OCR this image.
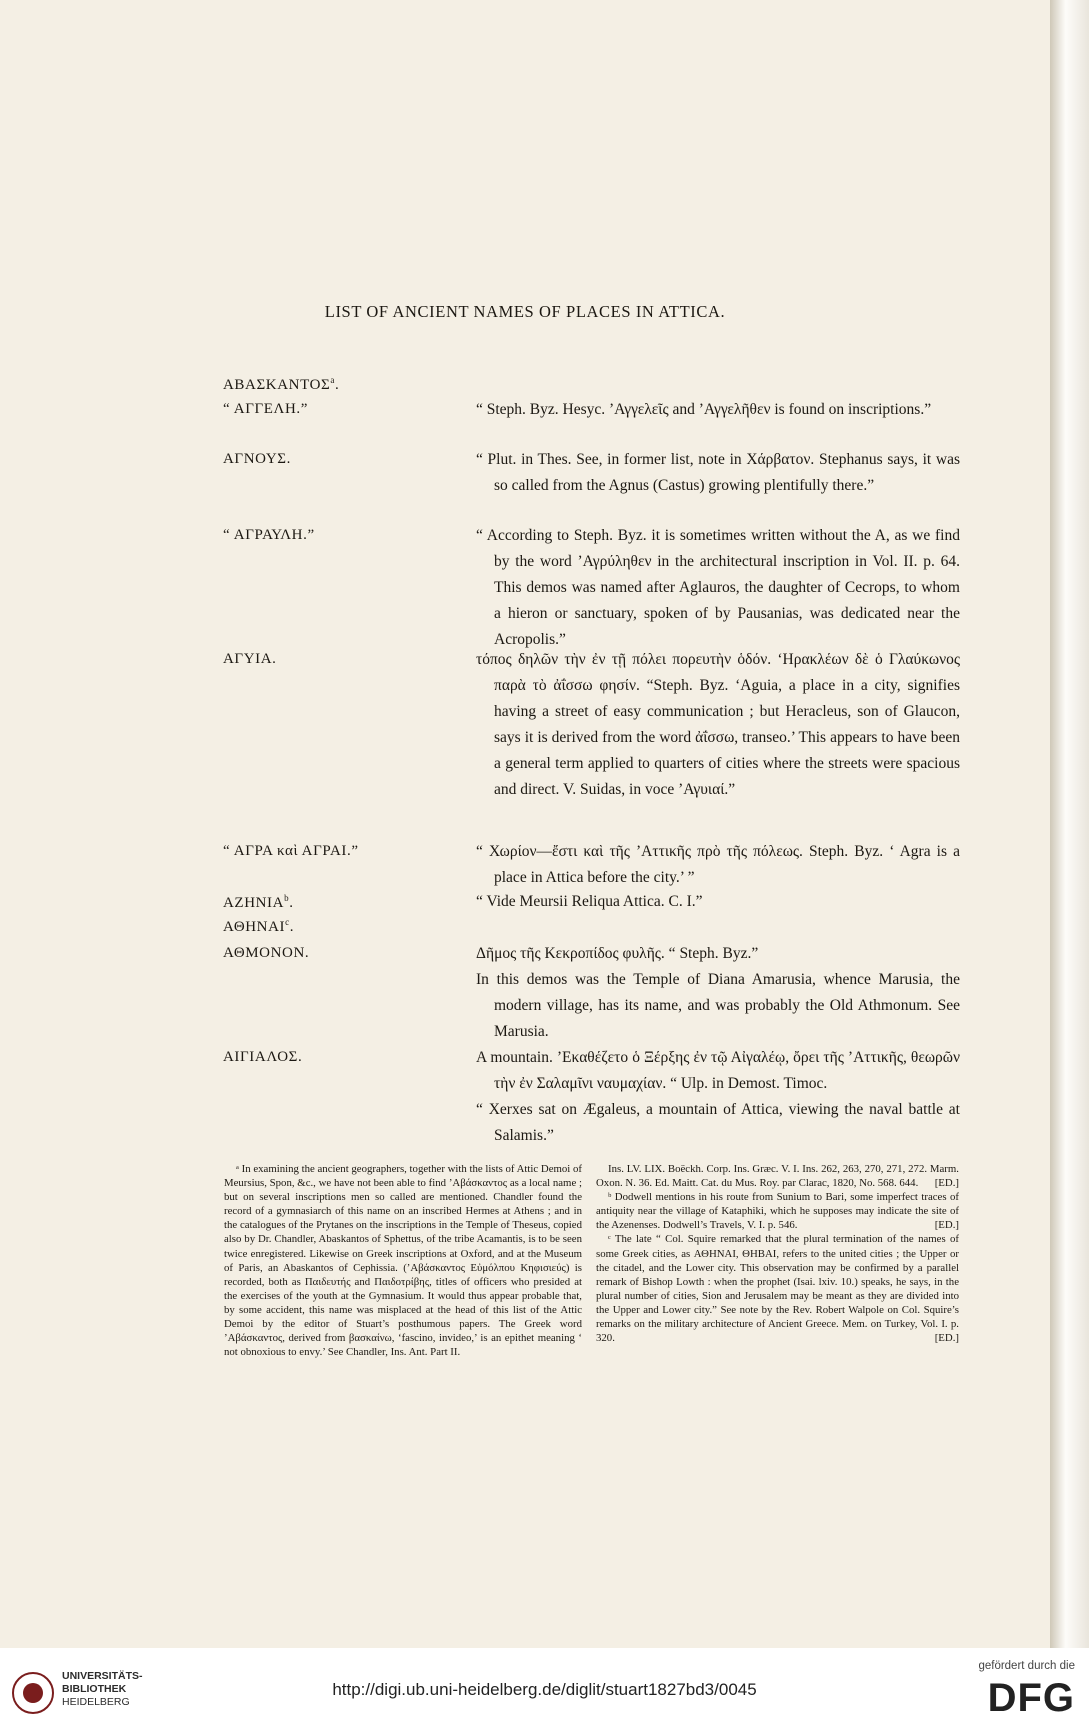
LIST OF ANCIENT NAMES OF PLACES IN ATTICA.
ΑΒΑΣΚΑΝΤΟΣ$^a$.
“ ΑΓΓΕΛΗ.”	“ Steph. Byz. Hesyc. ’Αγγελεῖς and ’Αγγελῆθεν is found on inscriptions.”

ΑΓΝΟΥΣ.	“ Plut. in Thes. See, in former list, note in Χάρβατον. Stephanus says, it was so called from the Agnus (Castus) growing plentifully there.”

“ ΑΓΡΑΥΛΗ.”	“ According to Steph. Byz. it is sometimes written without the A, as we find by the word ’Αγρύληθεν in the architectural inscription in Vol. II. p. 64. This demos was named after Aglauros, the daughter of Cecrops, to whom a hieron or sanctuary, spoken of by Pausanias, was dedicated near the Acropolis.”

ΑΓΥΙΑ.	τόπος δηλῶν τὴν ἐν τῇ πόλει πορευτὴν ὁδόν. ‘Ηρακλέων δὲ ὁ Γλαύκωνος παρὰ τὸ ἀΐσσω φησίν. “Steph. Byz. ‘Aguia, a place in a city, signifies having a street of easy communication ; but Heracleus, son of Glaucon, says it is derived from the word ἀΐσσω, transeo.’ This appears to have been a general term applied to quarters of cities where the streets were spacious and direct. V. Suidas, in voce ’Αγυιαί.”

“ ΑΓΡΑ καὶ ΑΓΡΑΙ.”	“ Χωρίον—ἔστι καὶ τῆς ’Αττικῆς πρὸ τῆς πόλεως. Steph. Byz. ‘ Agra is a place in Attica before the city.’ ”

ΑΖΗΝΙΑ$^b$.	“ Vide Meursii Reliqua Attica. C. I.”

ΑΘΗΝΑΙ$^c$.
ΑΘΜΟΝΟΝ.	Δῆμος τῆς Κεκροπίδος φυλῆς. “ Steph. Byz.”

In this demos was the Temple of Diana Amarusia, whence Marusia, the modern village, has its name, and was probably the Old Athmonum. See Marusia.

ΑΙΓΙΑΛΟΣ.	A mountain. ’Εκαθέζετο ὁ Ξέρξης ἐν τῷ Αἰγαλέῳ, ὄρει τῆς ’Αττικῆς, θεωρῶν τὴν ἐν Σαλαμῖνι ναυμαχίαν. “ Ulp. in Demost. Timoc.

“ Xerxes sat on Ægaleus, a mountain of Attica, viewing the naval battle at Salamis.”

ᵃ In examining the ancient geographers, together with the lists of Attic Demoi of Meursius, Spon, &c., we have not been able to find ’Αβάσκαντος as a local name ; but on several inscriptions men so called are mentioned. Chandler found the record of a gymnasiarch of this name on an inscribed Hermes at Athens ; and in the catalogues of the Prytanes on the inscriptions in the Temple of Theseus, copied also by Dr. Chandler, Abaskantos of Sphettus, of the tribe Acamantis, is to be seen twice enregistered. Likewise on Greek inscriptions at Oxford, and at the Museum of Paris, an Abaskantos of Cephissia. (’Αβάσκαντος Εὐμόλπου Κηφισιεύς) is recorded, both as Παιδευτής and Παιδοτρίβης, titles of officers who presided at the exercises of the youth at the Gymnasium. It would thus appear probable that, by some accident, this name was misplaced at the head of this list of the Attic Demoi by the editor of Stuart’s posthumous papers. The Greek word ’Αβάσκαντος, derived from βασκαίνω, ‘fascino, invideo,’ is an epithet meaning ‘ not obnoxious to envy.’ See Chandler, Ins. Ant. Part II.

Ins. LV. LIX. Boëckh. Corp. Ins. Græc. V. I. Ins. 262, 263, 270, 271, 272. Marm. Oxon. N. 36. Ed. Maitt. Cat. du Mus. Roy. par Clarac, 1820, No. 568. 644.	[ED.]

ᵇ Dodwell mentions in his route from Sunium to Bari, some imperfect traces of antiquity near the village of Kataphiki, which he supposes may indicate the site of the Azenenses. Dodwell’s Travels, V. I. p. 546.	[ED.]

ᶜ The late “ Col. Squire remarked that the plural termination of the names of some Greek cities, as ΑΘΗΝΑΙ, ΘΗΒΑΙ, refers to the united cities ; the Upper or the citadel, and the Lower city. This observation may be confirmed by a parallel remark of Bishop Lowth : when the prophet (Isai. lxiv. 10.) speaks, he says, in the plural number of cities, Sion and Jerusalem may be meant as they are divided into the Upper and Lower city.” See note by the Rev. Robert Walpole on Col. Squire’s remarks on the military architecture of Ancient Greece. Mem. on Turkey, Vol. I. p. 320.	[ED.]

UNIVERSITÄTS-
BIBLIOTHEK
HEIDELBERG
http://digi.ub.uni-heidelberg.de/diglit/stuart1827bd3/0045
gefördert durch die
DFG
